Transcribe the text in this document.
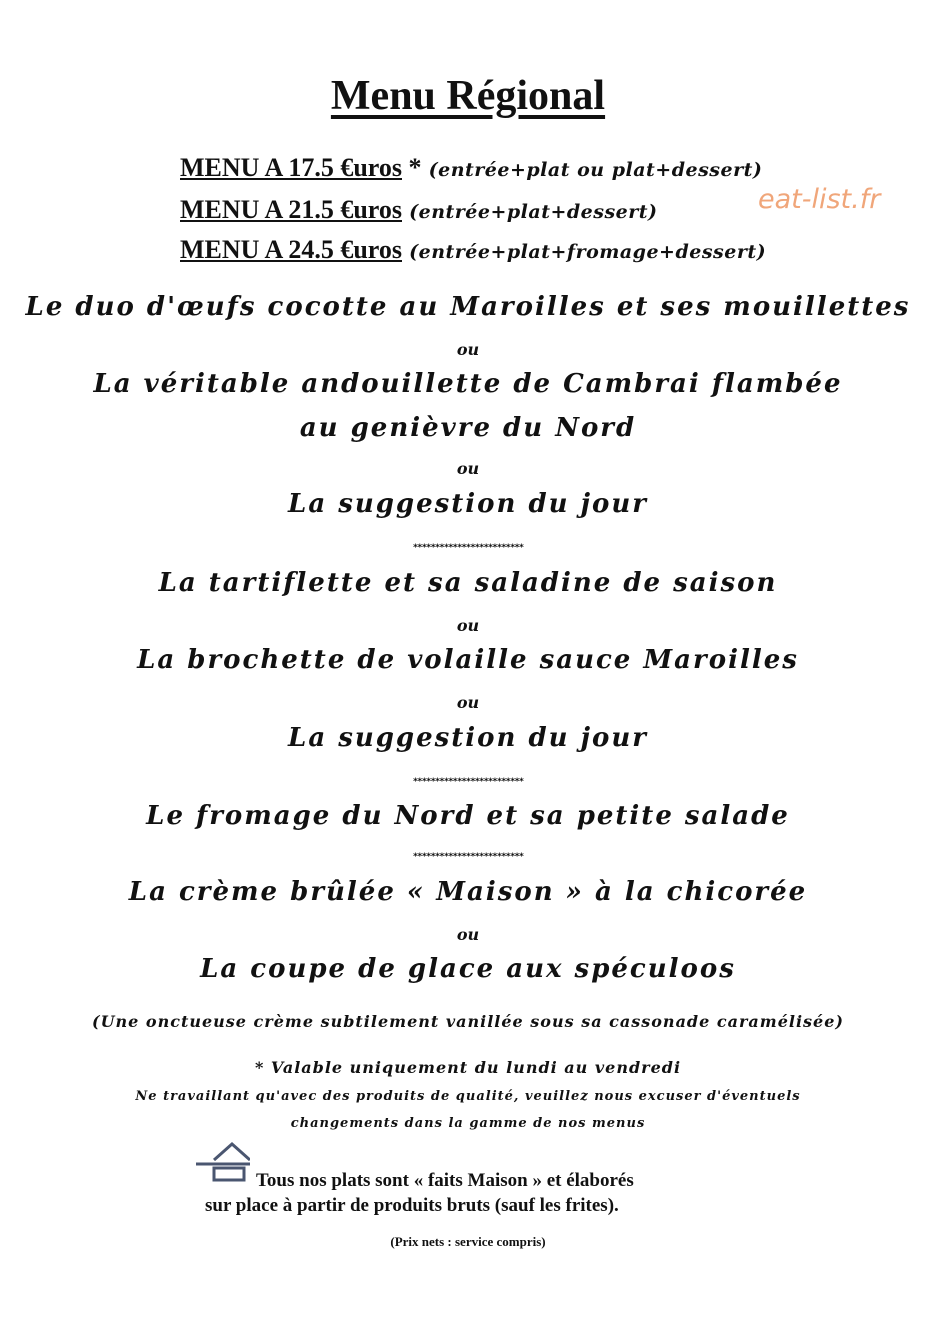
Menu Régional
MENU A 17.5 €uros * (entrée+plat ou plat+dessert)
MENU A 21.5 €uros (entrée+plat+dessert)
MENU A 24.5 €uros (entrée+plat+fromage+dessert)
eat-list.fr
Le duo d'œufs cocotte au Maroilles et ses mouillettes
ou
La véritable andouillette de Cambrai flambée
au genièvre du Nord
ou
La suggestion du jour
*************************
La tartiflette et sa saladine de saison
ou
La brochette de volaille sauce Maroilles
ou
La suggestion du jour
*************************
Le fromage du Nord et sa petite salade
*************************
La crème brûlée « Maison » à la chicorée
ou
La coupe de glace aux spéculoos
(Une onctueuse crème subtilement vanillée sous sa cassonade caramélisée)
* Valable uniquement du lundi au vendredi
Ne travaillant qu'avec des produits de qualité, veuillez nous excuser d'éventuels
changements dans la gamme de nos menus
Tous nos plats sont « faits Maison » et élaborés
sur place à partir de produits bruts (sauf les frites).
(Prix nets : service compris)
